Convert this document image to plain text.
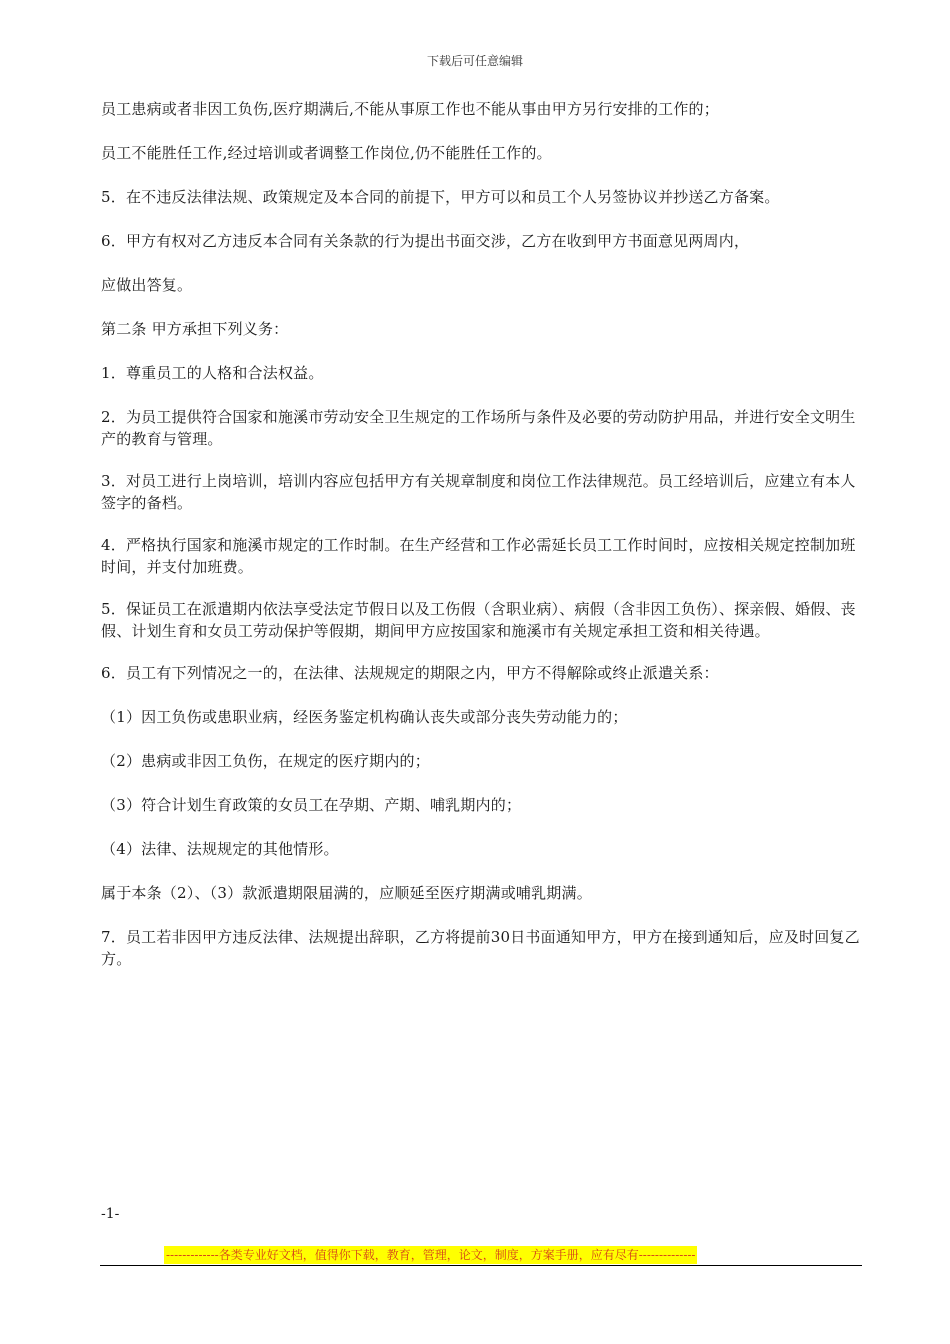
下载后可任意编辑

员工患病或者非因工负伤,医疗期满后,不能从事原工作也不能从事由甲方另行安排的工作的；

员工不能胜任工作,经过培训或者调整工作岗位,仍不能胜任工作的。

5．在不违反法律法规、政策规定及本合同的前提下，甲方可以和员工个人另签协议并抄送乙方备案。

6．甲方有权对乙方违反本合同有关条款的行为提出书面交涉，乙方在收到甲方书面意见两周内，

应做出答复。

第二条 甲方承担下列义务：

1．尊重员工的人格和合法权益。

2．为员工提供符合国家和施溪市劳动安全卫生规定的工作场所与条件及必要的劳动防护用品，并进行安全文明生产的教育与管理。

3．对员工进行上岗培训，培训内容应包括甲方有关规章制度和岗位工作法律规范。员工经培训后，应建立有本人签字的备档。

4．严格执行国家和施溪市规定的工作时制。在生产经营和工作必需延长员工工作时间时，应按相关规定控制加班时间，并支付加班费。

5．保证员工在派遣期内依法享受法定节假日以及工伤假（含职业病）、病假（含非因工负伤）、探亲假、婚假、丧假、计划生育和女员工劳动保护等假期，期间甲方应按国家和施溪市有关规定承担工资和相关待遇。

6．员工有下列情况之一的，在法律、法规规定的期限之内，甲方不得解除或终止派遣关系：

（1）因工负伤或患职业病，经医务鉴定机构确认丧失或部分丧失劳动能力的；

（2）患病或非因工负伤，在规定的医疗期内的；

（3）符合计划生育政策的女员工在孕期、产期、哺乳期内的；

（4）法律、法规规定的其他情形。

属于本条（2）、（3）款派遣期限届满的，应顺延至医疗期满或哺乳期满。

7．员工若非因甲方违反法律、法规提出辞职，乙方将提前30日书面通知甲方，甲方在接到通知后，应及时回复乙方。

-1-
-------------各类专业好文档，值得你下载，教育，管理，论文，制度，方案手册，应有尽有--------------
